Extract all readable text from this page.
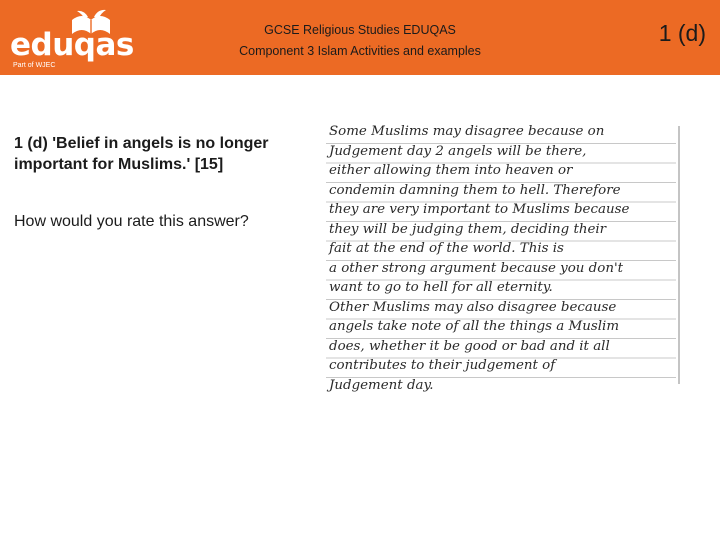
eduqas
Part of WJEC
GCSE Religious Studies EDUQAS
Component 3 Islam Activities and examples
1 (d)
1 (d) 'Belief in angels is no longer important for Muslims.' [15]
How would you rate this answer?
Some Muslims may disagree because on
Judgement day 2 angels will be there,
either allowing them into heaven or
condemin damning them to hell. Therefore
they are very important to Muslims because
they will be judging them, deciding their
fait at the end of the world. This is
a other strong argument because you don't
want to go to hell for all eternity.
Other Muslims may also disagree because
angels take note of all the things a Muslim
does, whether it be good or bad and it all
contributes to their judgement of
Judgement day.
